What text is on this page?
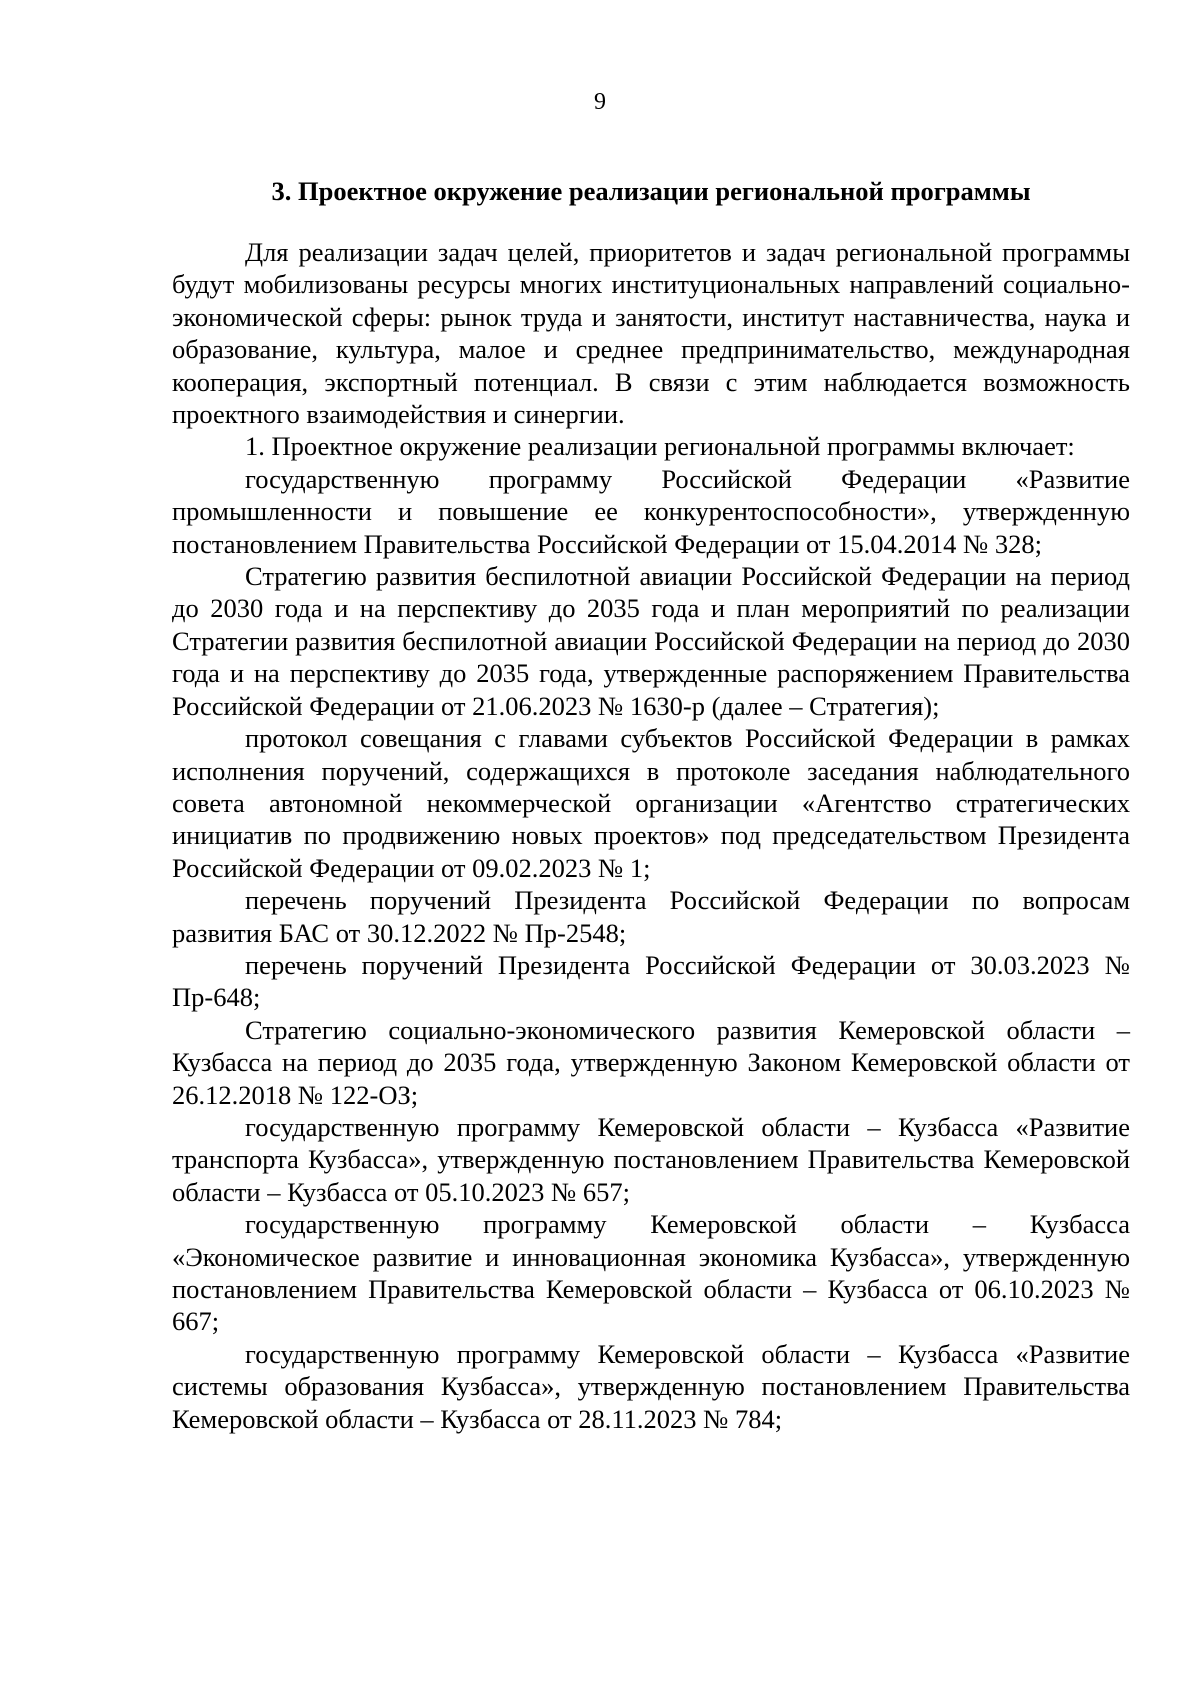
9
3. Проектное окружение реализации региональной программы

Для реализации задач целей, приоритетов и задач региональной программы будут мобилизованы ресурсы многих институциональных направлений социально-экономической сферы: рынок труда и занятости, институт наставничества, наука и образование, культура, малое и среднее предпринимательство, международная кооперация, экспортный потенциал. В связи с этим наблюдается возможность проектного взаимодействия и синергии.

1. Проектное окружение реализации региональной программы включает:

государственную программу Российской Федерации «Развитие промышленности и повышение ее конкурентоспособности», утвержденную постановлением Правительства Российской Федерации от 15.04.2014 № 328;

Стратегию развития беспилотной авиации Российской Федерации на период до 2030 года и на перспективу до 2035 года и план мероприятий по реализации Стратегии развития беспилотной авиации Российской Федерации на период до 2030 года и на перспективу до 2035 года, утвержденные распоряжением Правительства Российской Федерации от 21.06.2023 № 1630-р (далее – Стратегия);

протокол совещания с главами субъектов Российской Федерации в рамках исполнения поручений, содержащихся в протоколе заседания наблюдательного совета автономной некоммерческой организации «Агентство стратегических инициатив по продвижению новых проектов» под председательством Президента Российской Федерации от 09.02.2023 № 1;

перечень поручений Президента Российской Федерации по вопросам развития БАС от 30.12.2022 № Пр-2548;

перечень поручений Президента Российской Федерации от 30.03.2023 № Пр-648;

Стратегию социально-экономического развития Кемеровской области – Кузбасса на период до 2035 года, утвержденную Законом Кемеровской области от 26.12.2018 № 122-ОЗ;

государственную программу Кемеровской области – Кузбасса «Развитие транспорта Кузбасса», утвержденную постановлением Правительства Кемеровской области – Кузбасса от 05.10.2023 № 657;

государственную программу Кемеровской области – Кузбасса «Экономическое развитие и инновационная экономика Кузбасса», утвержденную постановлением Правительства Кемеровской области – Кузбасса от 06.10.2023 № 667;

государственную программу Кемеровской области – Кузбасса «Развитие системы образования Кузбасса», утвержденную постановлением Правительства Кемеровской области – Кузбасса от 28.11.2023 № 784;
